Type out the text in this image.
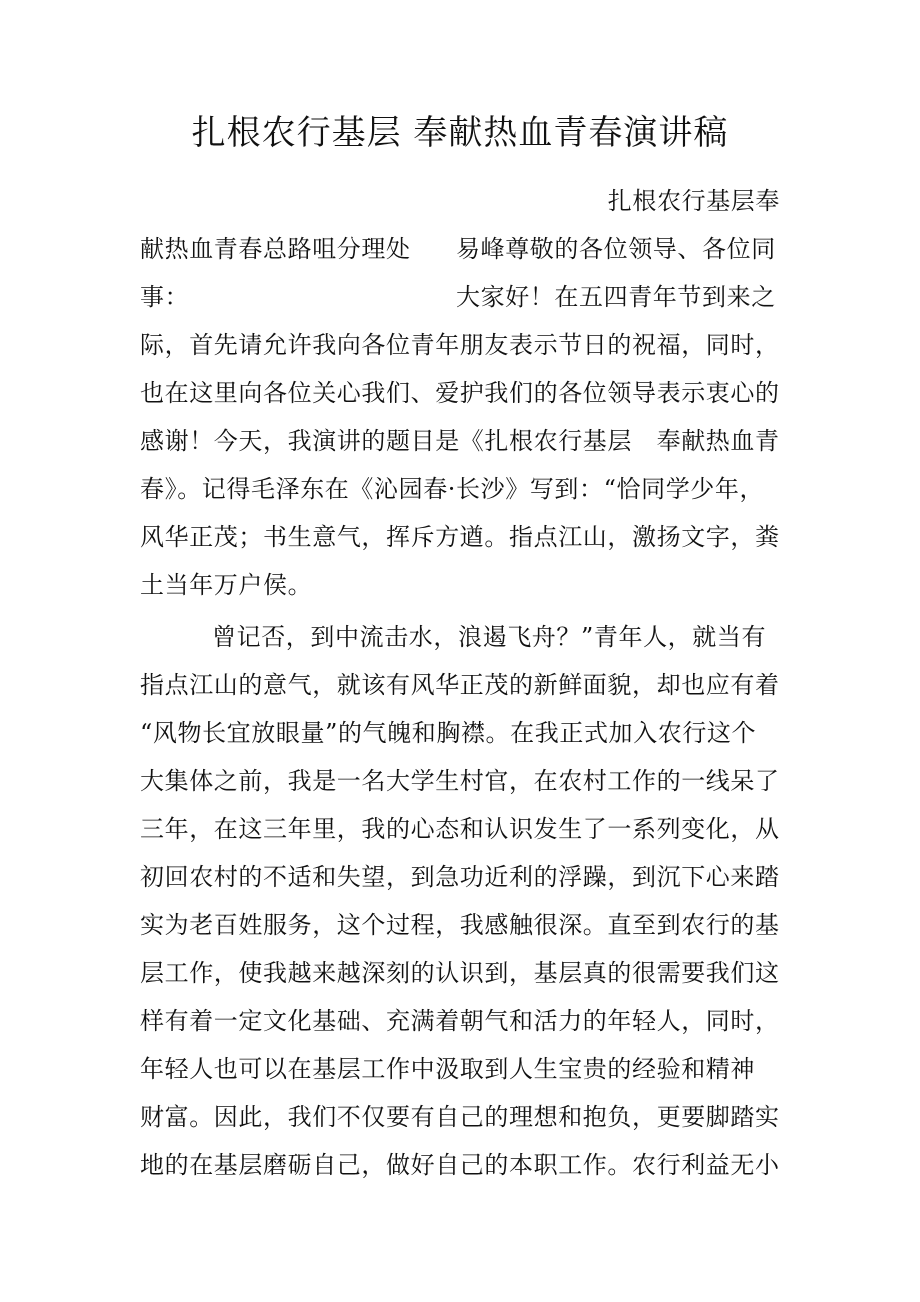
扎根农行基层 奉献热血青春演讲稿
扎根农行基层奉
献热血青春总路咀分理处 易峰尊敬的各位领导、各位同
事：	大家好！在五四青年节到来之
际，首先请允许我向各位青年朋友表示节日的祝福，同时，
也在这里向各位关心我们、爱护我们的各位领导表示衷心的
感谢！今天，我演讲的题目是《扎根农行基层　奉献热血青
春》。记得毛泽东在《沁园春·长沙》写到：“恰同学少年，
风华正茂；书生意气，挥斥方遒。指点江山，激扬文字，粪
土当年万户侯。
曾记否，到中流击水，浪遏飞舟？”青年人，就当有
指点江山的意气，就该有风华正茂的新鲜面貌，却也应有着
“风物长宜放眼量”的气魄和胸襟。在我正式加入农行这个
大集体之前，我是一名大学生村官，在农村工作的一线呆了
三年，在这三年里，我的心态和认识发生了一系列变化，从
初回农村的不适和失望，到急功近利的浮躁，到沉下心来踏
实为老百姓服务，这个过程，我感触很深。直至到农行的基
层工作，使我越来越深刻的认识到，基层真的很需要我们这
样有着一定文化基础、充满着朝气和活力的年轻人，同时，
年轻人也可以在基层工作中汲取到人生宝贵的经验和精神
财富。因此，我们不仅要有自己的理想和抱负，更要脚踏实
地的在基层磨砺自己，做好自己的本职工作。农行利益无小
